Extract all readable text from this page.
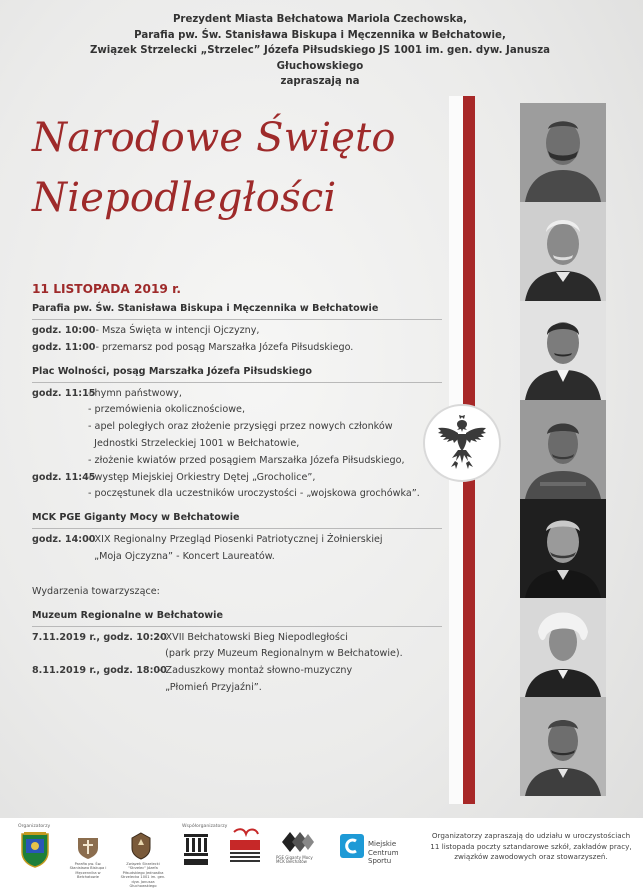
Prezydent Miasta Bełchatowa Mariola Czechowska,
Parafia pw. Św. Stanisława Biskupa i Męczennika w Bełchatowie,
Związek Strzelecki „Strzelec” Józefa Piłsudskiego JS 1001 im. gen. dyw. Janusza Głuchowskiego
zapraszają na
Narodowe Święto
Niepodległości
11 LISTOPADA 2019 r.
Parafia pw. Św. Stanisława Biskupa i Męczennika w Bełchatowie
godz. 10:00 - Msza Święta w intencji Ojczyzny,
godz. 11:00 - przemarsz pod posąg Marszałka Józefa Piłsudskiego.
Plac Wolności, posąg Marszałka Józefa Piłsudskiego
godz. 11:15
- hymn państwowy,
- przemówienia okolicznościowe,
- apel poległych oraz złożenie przysięgi przez nowych członków
Jednostki Strzeleckiej 1001 w Bełchatowie,
- złożenie kwiatów przed posągiem Marszałka Józefa Piłsudskiego,
godz. 11:45
- występ Miejskiej Orkiestry Dętej „Grocholice”,
- poczęstunek dla uczestników uroczystości - „wojskowa grochówka”.
MCK PGE Giganty Mocy w Bełchatowie
godz. 14:00
- XIX Regionalny Przegląd Piosenki Patriotycznej i Żołnierskiej
„Moja Ojczyzna” - Koncert Laureatów.
Wydarzenia towarzyszące:
Muzeum Regionalne w Bełchatowie
7.11.2019 r., godz. 10:20
- XVII Bełchatowski Bieg Niepodległości
(park przy Muzeum Regionalnym w Bełchatowie).
8.11.2019 r., godz. 18:00
- Zaduszkowy montaż słowno-muzyczny
„Płomień Przyjaźni”.
Organizatorzy	Współorganizatorzy
Parafia pw. Św. Stanisława Biskupa i Męczennika w Bełchatowie
Związek Strzelecki "Strzelec" Józefa Piłsudskiego Jednostka Strzelecka 1001 im. gen. dyw. Janusza Głuchowskiego
PGE Giganty Mocy MCK Bełchatów
Miejskie
Centrum
Sportu
Organizatorzy zapraszają do udziału w uroczystościach 11 listopada poczty sztandarowe szkół, zakładów pracy, związków zawodowych oraz stowarzyszeń.
